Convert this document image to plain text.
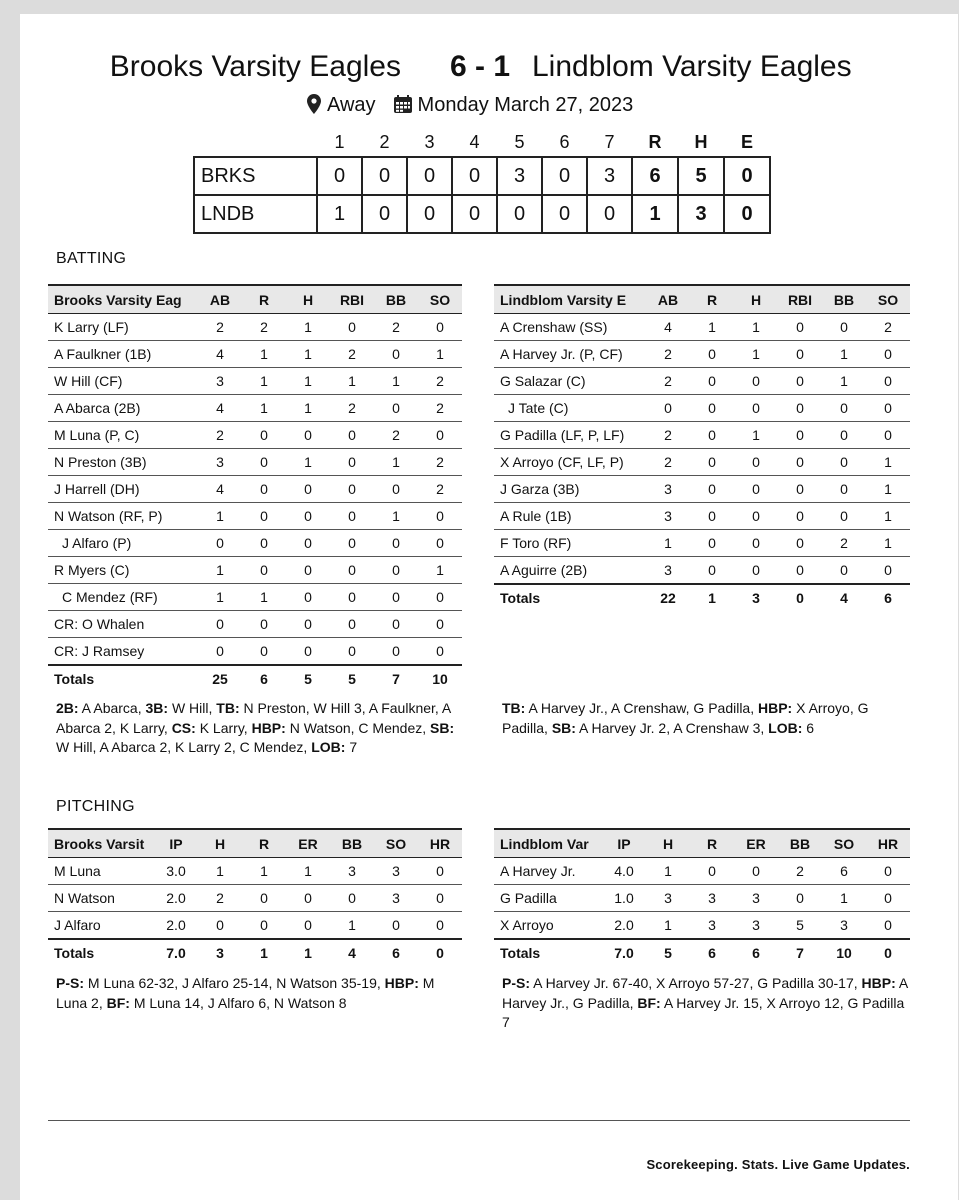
Brooks Varsity Eagles	6 - 1 Lindblom Varsity Eagles
Away Monday March 27, 2023
	1	2	3	4	5	6	7	R	H	E
BRKS	0	0	0	0	3	0	3	6	5	0
LNDB	1	0	0	0	0	0	0	1	3	0
BATTING
Brooks Varsity Eag	AB	R	H	RBI	BB	SO
K Larry (LF)	2	2	1	0	2	0
A Faulkner (1B)	4	1	1	2	0	1
W Hill (CF)	3	1	1	1	1	2
A Abarca (2B)	4	1	1	2	0	2
M Luna (P, C)	2	0	0	0	2	0
N Preston (3B)	3	0	1	0	1	2
J Harrell (DH)	4	0	0	0	0	2
N Watson (RF, P)	1	0	0	0	1	0
J Alfaro (P)	0	0	0	0	0	0
R Myers (C)	1	0	0	0	0	1
C Mendez (RF)	1	1	0	0	0	0
CR: O Whalen	0	0	0	0	0	0
CR: J Ramsey	0	0	0	0	0	0
Totals	25	6	5	5	7	10
Lindblom Varsity E	AB	R	H	RBI	BB	SO
A Crenshaw (SS)	4	1	1	0	0	2
A Harvey Jr. (P, CF)	2	0	1	0	1	0
G Salazar (C)	2	0	0	0	1	0
J Tate (C)	0	0	0	0	0	0
G Padilla (LF, P, LF)	2	0	1	0	0	0
X Arroyo (CF, LF, P)	2	0	0	0	0	1
J Garza (3B)	3	0	0	0	0	1
A Rule (1B)	3	0	0	0	0	1
F Toro (RF)	1	0	0	0	2	1
A Aguirre (2B)	3	0	0	0	0	0
Totals	22	1	3	0	4	6
2B: A Abarca, 3B: W Hill, TB: N Preston, W Hill 3, A Faulkner, A Abarca 2, K Larry, CS: K Larry, HBP: N Watson, C Mendez, SB: W Hill, A Abarca 2, K Larry 2, C Mendez, LOB: 7
TB: A Harvey Jr., A Crenshaw, G Padilla, HBP: X Arroyo, G Padilla, SB: A Harvey Jr. 2, A Crenshaw 3, LOB: 6
PITCHING
Brooks Varsit	IP	H	R	ER	BB	SO	HR
M Luna	3.0	1	1	1	3	3	0
N Watson	2.0	2	0	0	0	3	0
J Alfaro	2.0	0	0	0	1	0	0
Totals	7.0	3	1	1	4	6	0
Lindblom Var	IP	H	R	ER	BB	SO	HR
A Harvey Jr.	4.0	1	0	0	2	6	0
G Padilla	1.0	3	3	3	0	1	0
X Arroyo	2.0	1	3	3	5	3	0
Totals	7.0	5	6	6	7	10	0
P-S: M Luna 62-32, J Alfaro 25-14, N Watson 35-19, HBP: M Luna 2, BF: M Luna 14, J Alfaro 6, N Watson 8
P-S: A Harvey Jr. 67-40, X Arroyo 57-27, G Padilla 30-17, HBP: A Harvey Jr., G Padilla, BF: A Harvey Jr. 15, X Arroyo 12, G Padilla 7
Scorekeeping. Stats. Live Game Updates.
